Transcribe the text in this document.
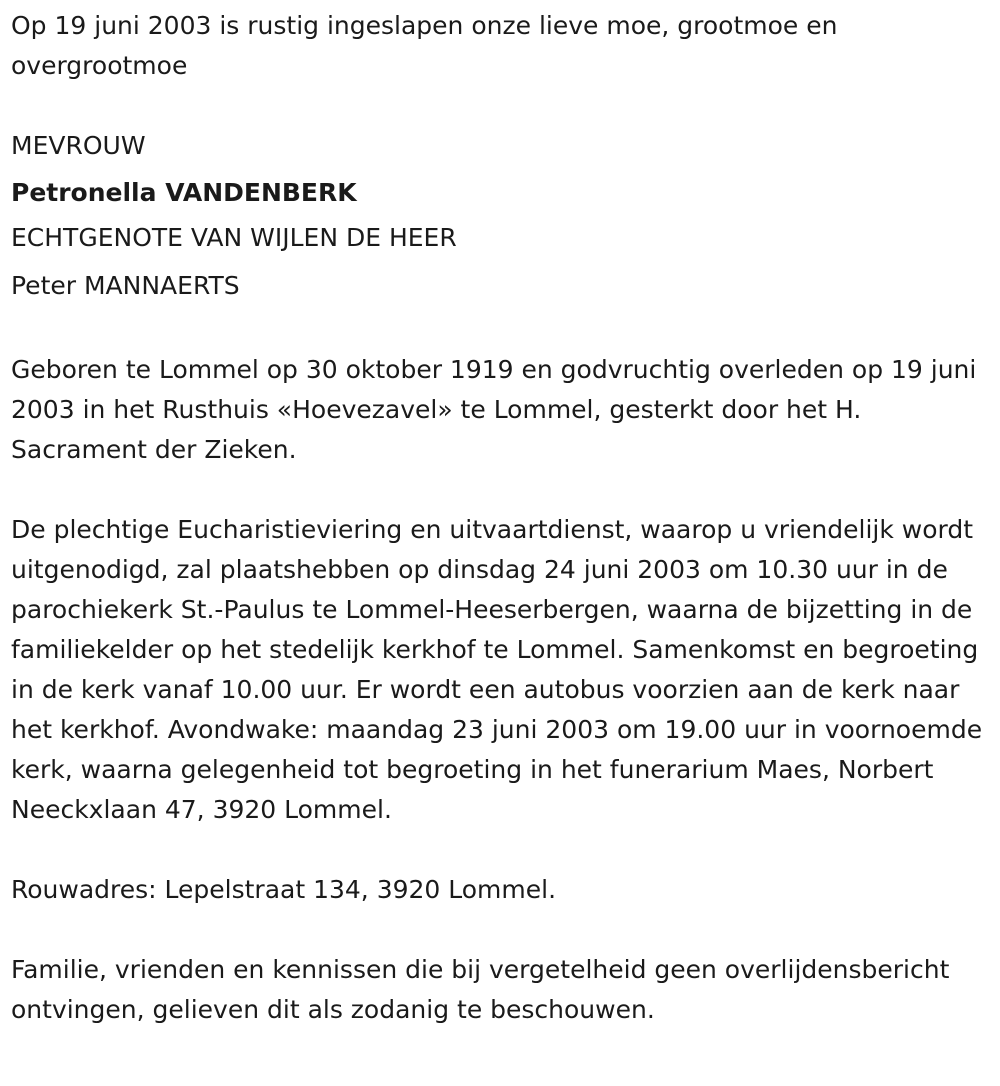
Op 19 juni 2003 is rustig ingeslapen onze lieve moe, grootmoe en overgrootmoe

MEVROUW

Petronella VANDENBERK

ECHTGENOTE VAN WIJLEN DE HEER

Peter MANNAERTS

Geboren te Lommel op 30 oktober 1919 en godvruchtig overleden op 19 juni 2003 in het Rusthuis «Hoevezavel» te Lommel, gesterkt door het H. Sacrament der Zieken.

De plechtige Eucharistieviering en uitvaartdienst, waarop u vriendelijk wordt uitgenodigd, zal plaatshebben op dinsdag 24 juni 2003 om 10.30 uur in de parochiekerk St.-Paulus te Lommel-Heeserbergen, waarna de bijzetting in de familiekelder op het stedelijk kerkhof te Lommel. Samenkomst en begroeting in de kerk vanaf 10.00 uur. Er wordt een autobus voorzien aan de kerk naar het kerkhof. Avondwake: maandag 23 juni 2003 om 19.00 uur in voornoemde kerk, waarna gelegenheid tot begroeting in het funerarium Maes, Norbert Neeckxlaan 47, 3920 Lommel.

Rouwadres: Lepelstraat 134, 3920 Lommel.

Familie, vrienden en kennissen die bij vergetelheid geen overlijdensbericht ontvingen, gelieven dit als zodanig te beschouwen.
